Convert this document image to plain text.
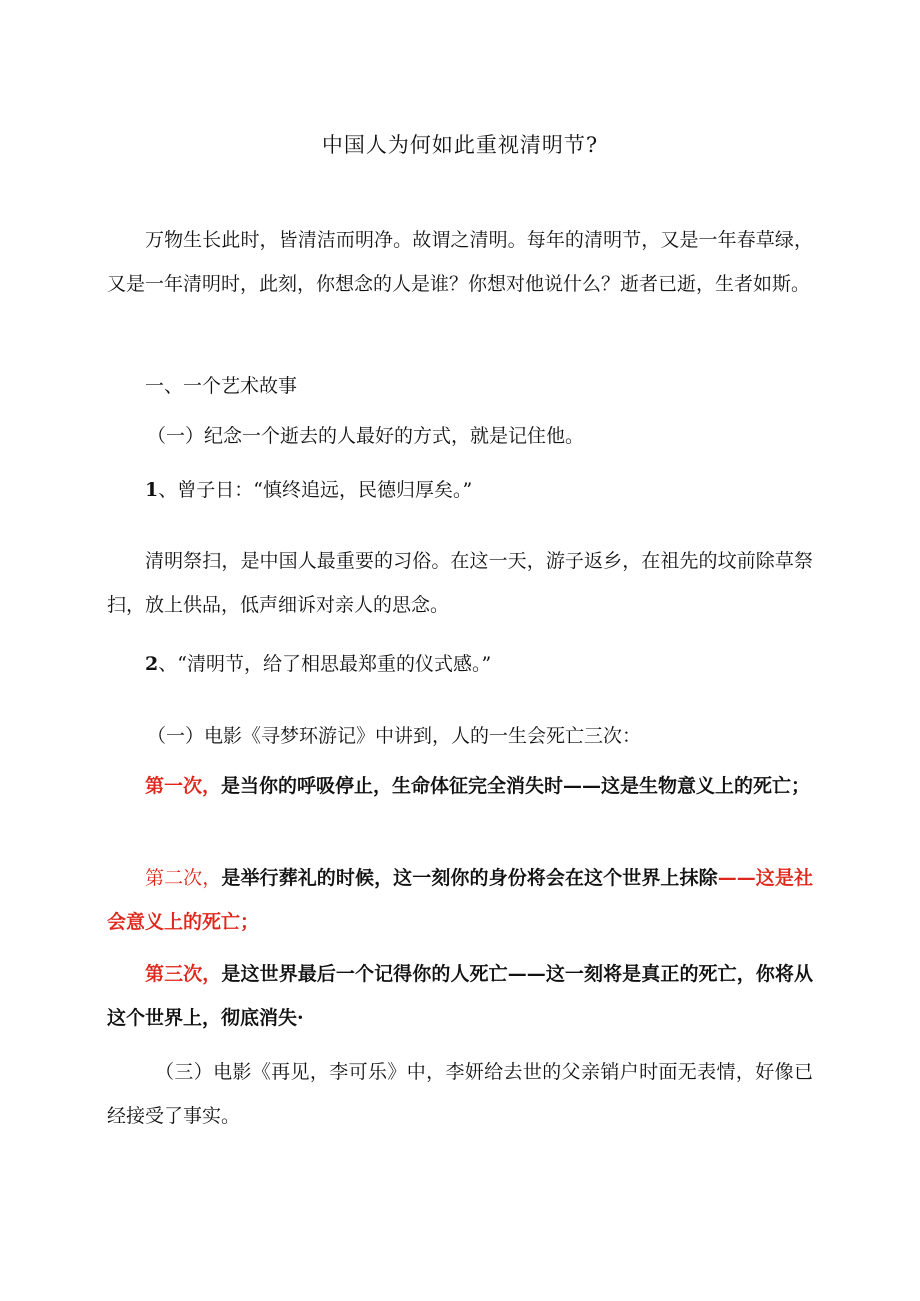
中国人为何如此重视清明节?
万物生长此时，皆清洁而明净。故谓之清明。每年的清明节，又是一年春草绿，又是一年清明时，此刻，你想念的人是谁？你想对他说什么？逝者已逝，生者如斯。
一、一个艺术故事
（一）纪念一个逝去的人最好的方式，就是记住他。
1、曾子日：“慎终追远，民德归厚矣。”
清明祭扫，是中国人最重要的习俗。在这一天，游子返乡，在祖先的坟前除草祭扫，放上供品，低声细诉对亲人的思念。
2、“清明节，给了相思最郑重的仪式感。”
（一）电影《寻梦环游记》中讲到，人的一生会死亡三次：
第一次，是当你的呼吸停止，生命体征完全消失时——这是生物意义上的死亡；
第二次，是举行葬礼的时候，这一刻你的身份将会在这个世界上抹除——这是社会意义上的死亡；
第三次，是这世界最后一个记得你的人死亡——这一刻将是真正的死亡，你将从这个世界上，彻底消失·
（三）电影《再见，李可乐》中，李妍给去世的父亲销户时面无表情，好像已经接受了事实。
